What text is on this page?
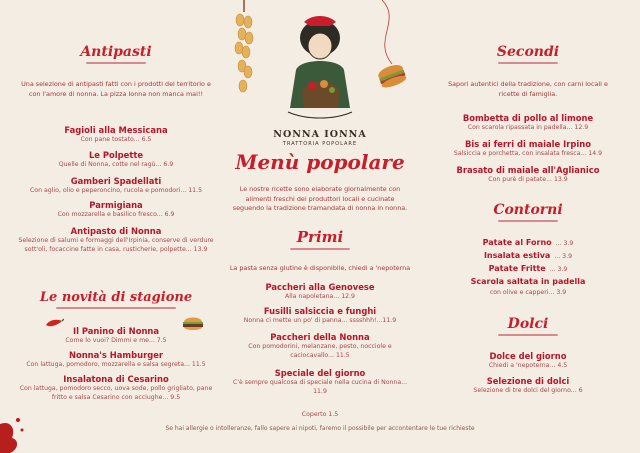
Antipasti
Una selezione di antipasti fatti con i prodotti del territorio e con l'amore di nonna. La pizza Ionna non manca mai!!
Fagioli alla Messicana
Con pane tostato... 6.5
Le Polpette
Quelle di Nonna, cotte nel ragù... 6.9
Gamberi Spadellati
Con aglio, olio e peperoncino, rucola e pomodori... 11.5
Parmigiana
Con mozzarella e basilico fresco... 6.9
Antipasto di Nonna
Selezione di salumi e formaggi dell'Irpinia, conserve di verdure sott'oli, focaccine fatte in casa, rusticherie, polpette... 13.9
Le novità di stagione
Il Panino di Nonna
Come lo vuoi? Dimmi e me... 7.5
Nonna's Hamburger
Con lattuga, pomodoro, mozzarella e salsa segreta... 11.5
Insalatona di Cesarino
Con lattuga, pomodoro secco, uova sode, pollo grigliato, pane fritto e salsa Cesarino con acciughe... 9.5
NONNA IONNA
TRATTORIA POPOLARE
Menù popolare
Le nostre ricette sono elaborate giornalmente con alimenti freschi dei produttori locali e cucinate seguendo la tradizione tramandata di nonna in nonna.
Primi
La pasta senza glutine è disponibile, chiedi a 'nepoterna
Paccheri alla Genovese
Alla napoletana... 12.9
Fusilli salsiccia e funghi
Nonna ci mette un po' di panna... sssshhh!...11.9
Paccheri della Nonna
Con pomodorini, melanzane, pesto, nocciole e caciocavallo... 11.5
Speciale del giorno
C'è sempre qualcosa di speciale nella cucina di Nonna... 11.9
Coperto 1.5
Se hai allergie o intolleranze, fallo sapere ai nipoti, faremo il possibile per accontentare le tue richieste
Secondi
Sapori autentici della tradizione, con carni locali e ricette di famiglia.
Bombetta di pollo al limone
Con scarola ripassata in padella... 12.9
Bis ai ferri di maiale Irpino
Salsiccia e porchetta, con insalata fresca... 14.9
Brasato di maiale all'Aglianico
Con purè di patate... 13.9
Contorni
Patate al Forno ... 3.9
Insalata estiva ... 3.9
Patate Fritte ... 3.9
Scarola saltata in padella
con olive e capperi... 3.9
Dolci
Dolce del giorno
Chiedi a 'nepoterna... 4.5
Selezione di dolci
Selezione di tre dolci del giorno... 6
